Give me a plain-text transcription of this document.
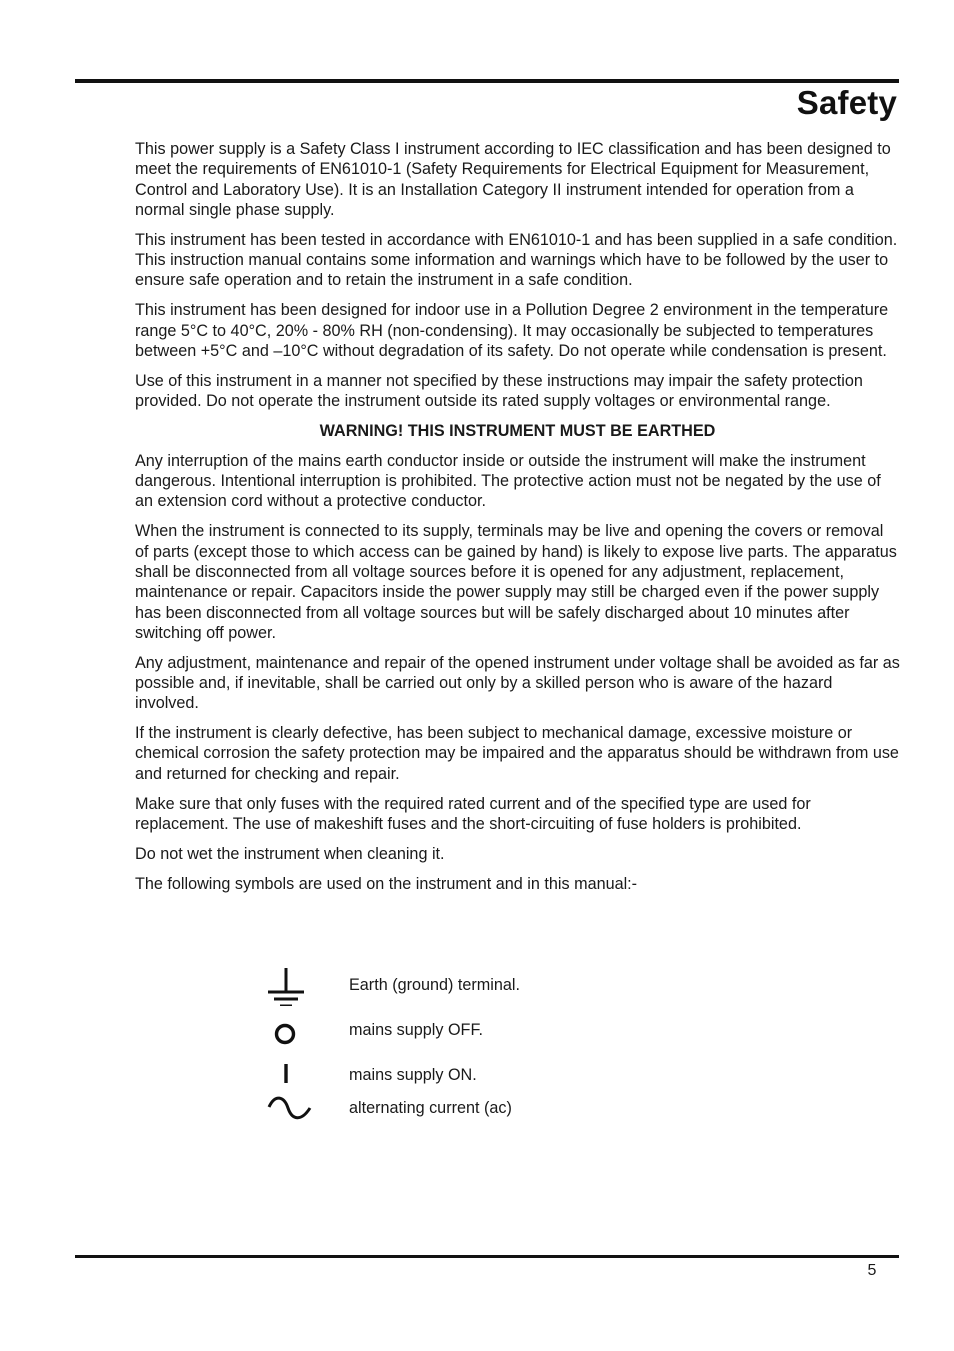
Safety

This power supply is a Safety Class I instrument according to IEC classification and has been designed to meet the requirements of EN61010-1 (Safety Requirements for Electrical Equipment for Measurement, Control and Laboratory Use). It is an Installation Category II instrument intended for operation from a normal single phase supply.

This instrument has been tested in accordance with EN61010-1 and has been supplied in a safe condition. This instruction manual contains some information and warnings which have to be followed by the user to ensure safe operation and to retain the instrument in a safe condition.

This instrument has been designed for indoor use in a Pollution Degree 2 environment in the temperature range 5°C to 40°C, 20% - 80% RH (non-condensing). It may occasionally be subjected to temperatures between +5°C and –10°C without degradation of its safety. Do not operate while condensation is present.

Use of this instrument in a manner not specified by these instructions may impair the safety protection provided. Do not operate the instrument outside its rated supply voltages or environmental range.

WARNING! THIS INSTRUMENT MUST BE EARTHED

Any interruption of the mains earth conductor inside or outside the instrument will make the instrument dangerous. Intentional interruption is prohibited. The protective action must not be negated by the use of an extension cord without a protective conductor.

When the instrument is connected to its supply, terminals may be live and opening the covers or removal of parts (except those to which access can be gained by hand) is likely to expose live parts. The apparatus shall be disconnected from all voltage sources before it is opened for any adjustment, replacement, maintenance or repair. Capacitors inside the power supply may still be charged even if the power supply has been disconnected from all voltage sources but will be safely discharged about 10 minutes after switching off power.

Any adjustment, maintenance and repair of the opened instrument under voltage shall be avoided as far as possible and, if inevitable, shall be carried out only by a skilled person who is aware of the hazard involved.

If the instrument is clearly defective, has been subject to mechanical damage, excessive moisture or chemical corrosion the safety protection may be impaired and the apparatus should be withdrawn from use and returned for checking and repair.

Make sure that only fuses with the required rated current and of the specified type are used for replacement. The use of makeshift fuses and the short-circuiting of fuse holders is prohibited.

Do not wet the instrument when cleaning it.

The following symbols are used on the instrument and in this manual:-

Earth (ground) terminal.
mains supply OFF.
mains supply ON.
alternating current (ac)
5
